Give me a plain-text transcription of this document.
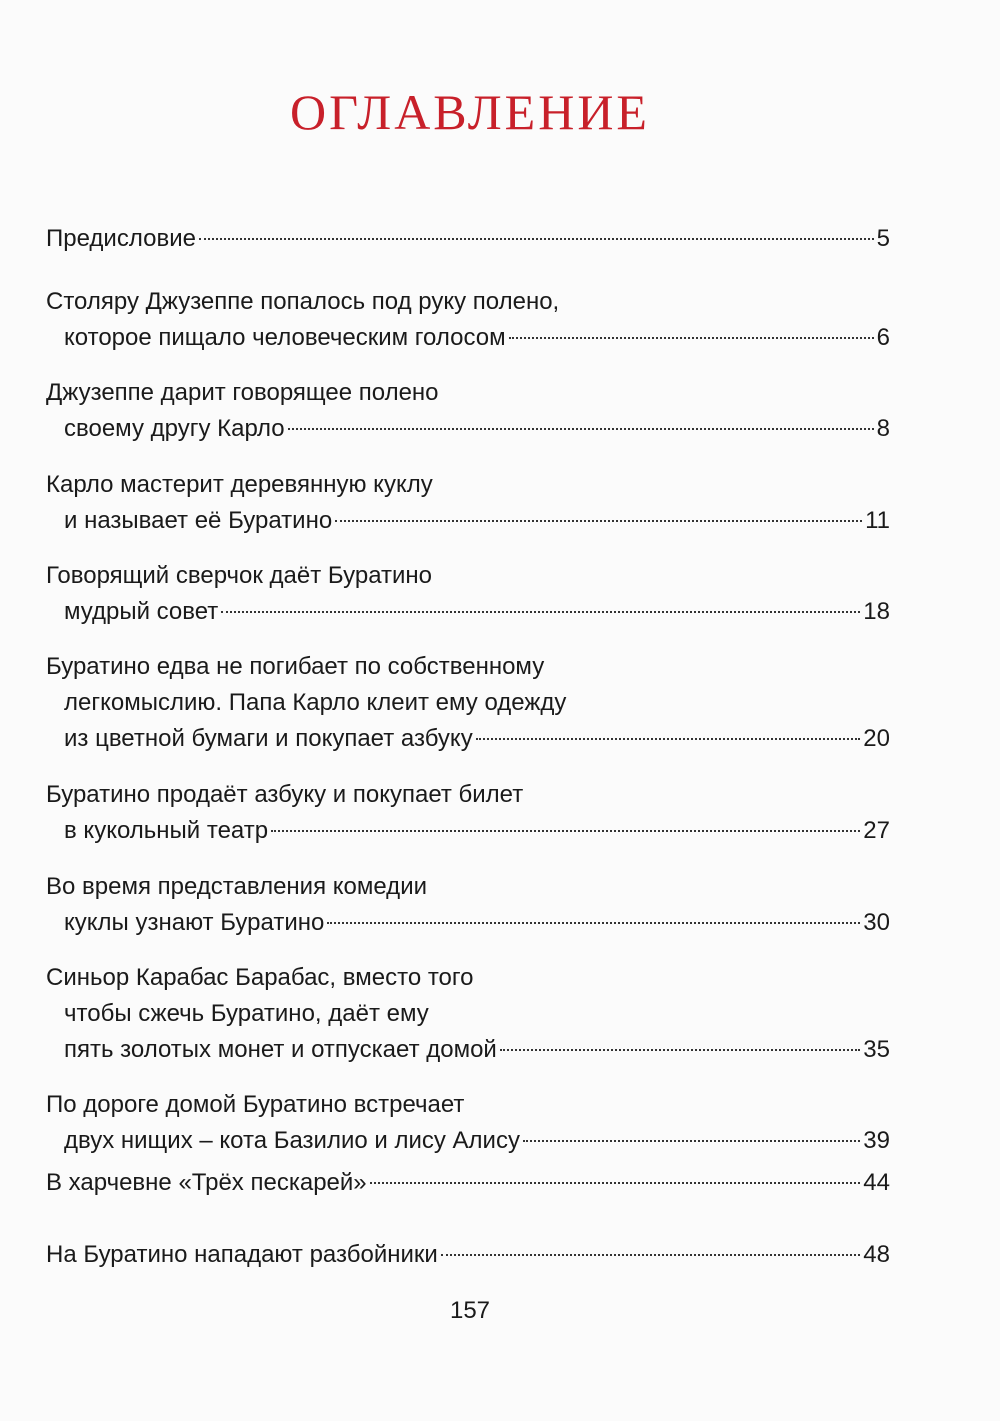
ОГЛАВЛЕНИЕ
Предисловие	5
Столяру Джузеппе попалось под руку полено,
которое пищало человеческим голосом	6
Джузеппе дарит говорящее полено
своему другу Карло	8
Карло мастерит деревянную куклу
и называет её Буратино	11
Говорящий сверчок даёт Буратино
мудрый совет	18
Буратино едва не погибает по собственному
легкомыслию. Папа Карло клеит ему одежду
из цветной бумаги и покупает азбуку	20
Буратино продаёт азбуку и покупает билет
в кукольный театр	27
Во время представления комедии
куклы узнают Буратино	30
Синьор Карабас Барабас, вместо того
чтобы сжечь Буратино, даёт ему
пять золотых монет и отпускает домой	35
По дороге домой Буратино встречает
двух нищих – кота Базилио и лису Алису	39
В харчевне «Трёх пескарей»	44
На Буратино нападают разбойники	48
157
